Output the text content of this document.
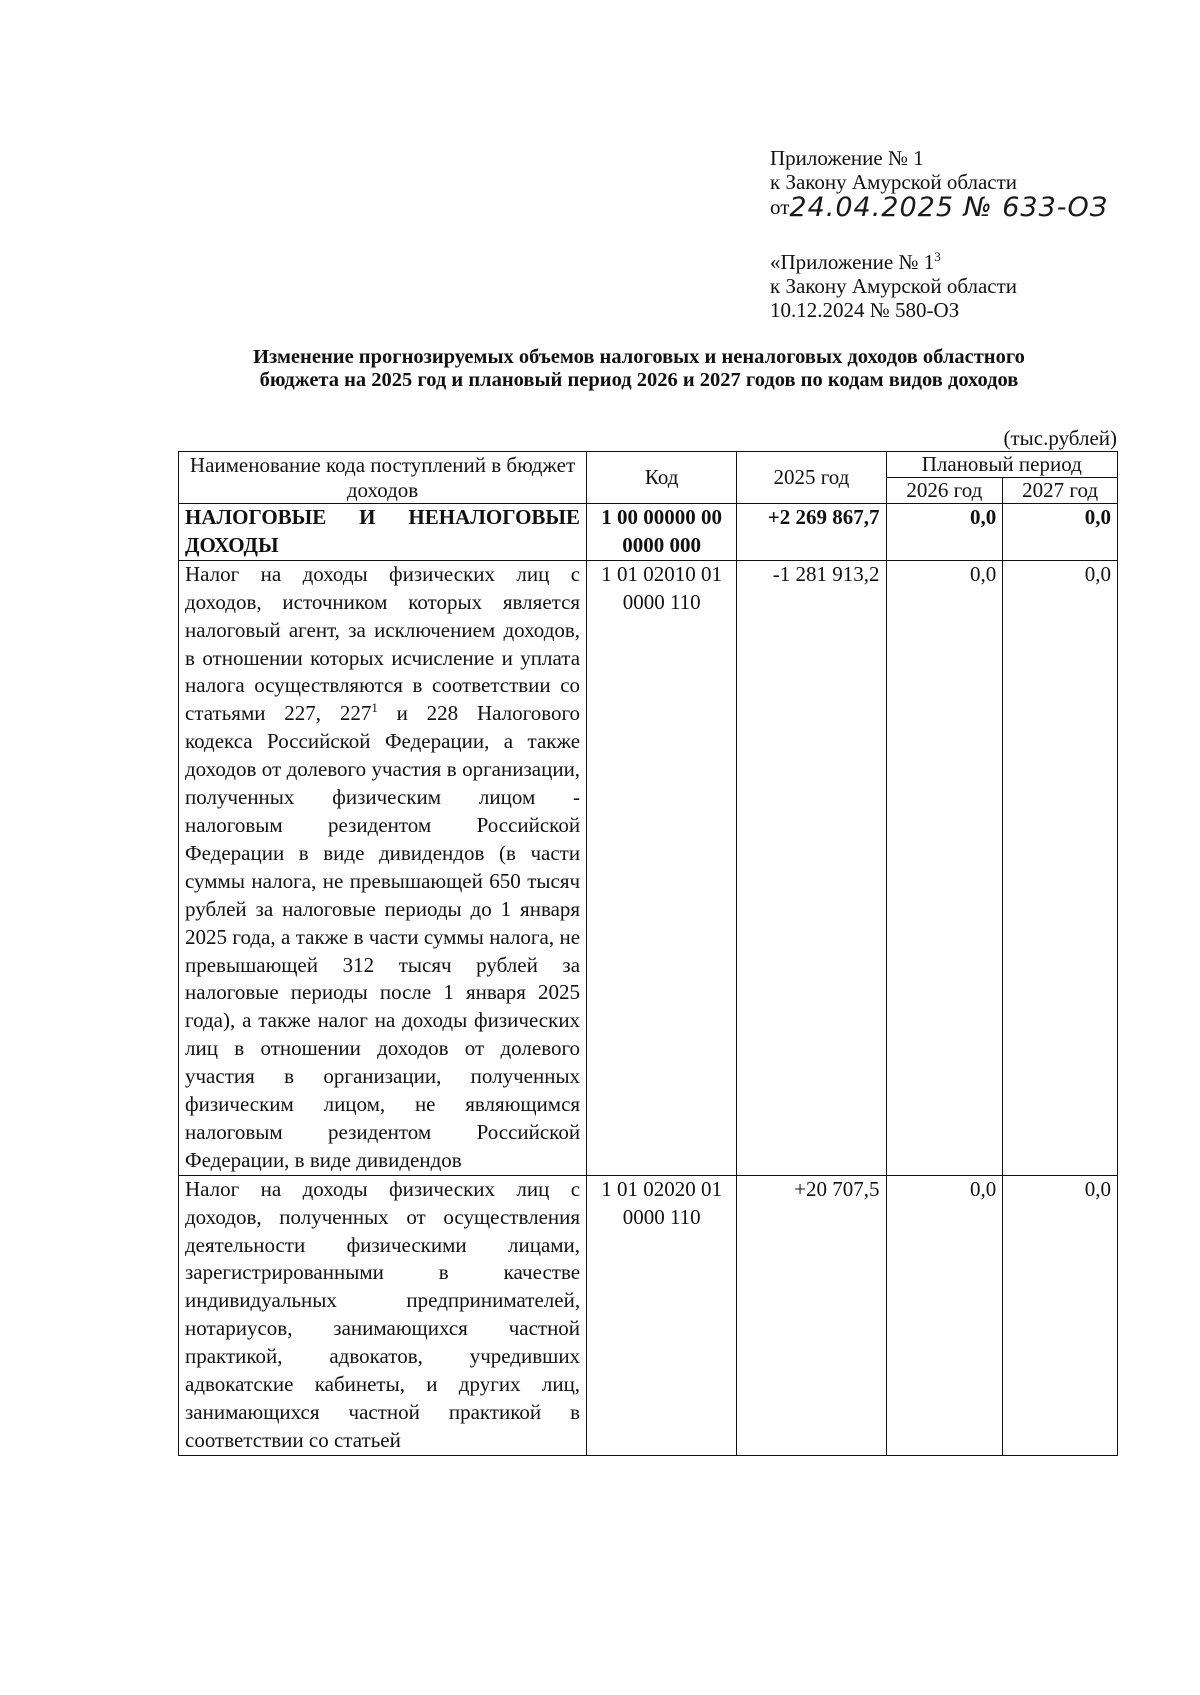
Приложение № 1
к Закону Амурской области
от24.04.2025 № 633-ОЗ
«Приложение № $1^3$
к Закону Амурской области
10.12.2024 № 580-ОЗ
Изменение прогнозируемых объемов налоговых и неналоговых доходов областного
бюджета на 2025 год и плановый период 2026 и 2027 годов по кодам видов доходов
(тыс.рублей)
Наименование кода поступлений в бюджет доходов	Код	2025 год	Плановый период	
			2026 год	2027 год
НАЛОГОВЫЕ И НЕНАЛОГОВЫЕ ДОХОДЫ	1 00 00000 00 0000 000	+2 269 867,7	0,0	0,0
Налог на доходы физических лиц с доходов, источником которых является налоговый агент, за исключением доходов, в отношении которых исчисление и уплата налога осуществляются в соответствии со статьями 227, $227^1$ и 228 Налогового кодекса Российской Федерации, а также доходов от долевого участия в организации, полученных физическим лицом - налоговым резидентом Российской Федерации в виде дивидендов (в части суммы налога, не превышающей 650 тысяч рублей за налоговые периоды до 1 января 2025 года, а также в части суммы налога, не превышающей 312 тысяч рублей за налоговые периоды после 1 января 2025 года), а также налог на доходы физических лиц в отношении доходов от долевого участия в организации, полученных физическим лицом, не являющимся налоговым резидентом Российской Федерации, в виде дивидендов	1 01 02010 01 0000 110	-1 281 913,2	0,0	0,0
Налог на доходы физических лиц с доходов, полученных от осуществления деятельности физическими лицами, зарегистрированными в качестве индивидуальных предпринимателей, нотариусов, занимающихся частной практикой, адвокатов, учредивших адвокатские кабинеты, и других лиц, занимающихся частной практикой в соответствии со статьей	1 01 02020 01 0000 110	+20 707,5	0,0	0,0
